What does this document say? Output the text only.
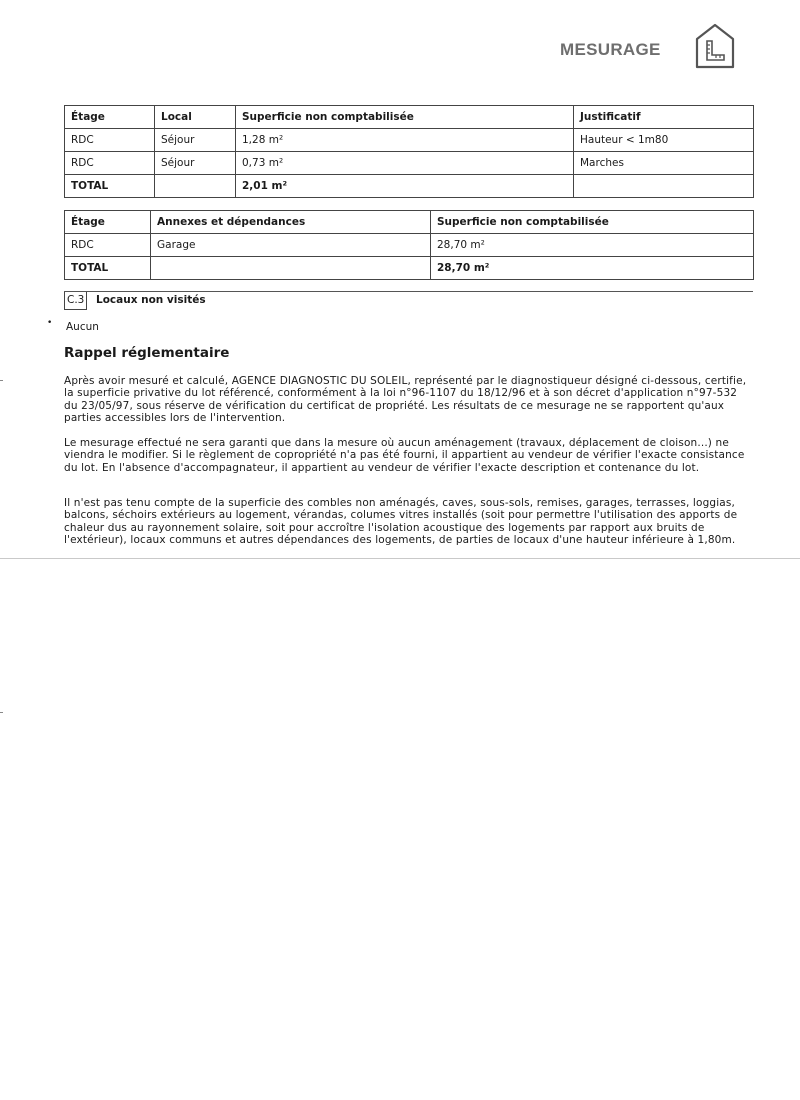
MESURAGE
Étage	Local	Superficie non comptabilisée	Justificatif
RDC	Séjour	1,28 m²	Hauteur < 1m80
RDC	Séjour	0,73 m²	Marches
TOTAL		2,01 m²	
Étage	Annexes et dépendances	Superficie non comptabilisée
RDC	Garage	28,70 m²
TOTAL		28,70 m²
C.3 Locaux non visités
• Aucun
Rappel réglementaire

Après avoir mesuré et calculé, AGENCE DIAGNOSTIC DU SOLEIL, représenté par le diagnostiqueur désigné ci-dessous, certifie, la superficie privative du lot référencé, conformément à la loi n°96-1107 du 18/12/96 et à son décret d'application n°97-532 du 23/05/97, sous réserve de vérification du certificat de propriété. Les résultats de ce mesurage ne se rapportent qu'aux parties accessibles lors de l'intervention.

Le mesurage effectué ne sera garanti que dans la mesure où aucun aménagement (travaux, déplacement de cloison...) ne viendra le modifier. Si le règlement de copropriété n'a pas été fourni, il appartient au vendeur de vérifier l'exacte consistance du lot. En l'absence d'accompagnateur, il appartient au vendeur de vérifier l'exacte description et contenance du lot.

Il n'est pas tenu compte de la superficie des combles non aménagés, caves, sous-sols, remises, garages, terrasses, loggias, balcons, séchoirs extérieurs au logement, vérandas, columes vitres installés (soit pour permettre l'utilisation des apports de chaleur dus au rayonnement solaire, soit pour accroître l'isolation acoustique des logements par rapport aux bruits de l'extérieur), locaux communs et autres dépendances des logements, de parties de locaux d'une hauteur inférieure à 1,80m.
